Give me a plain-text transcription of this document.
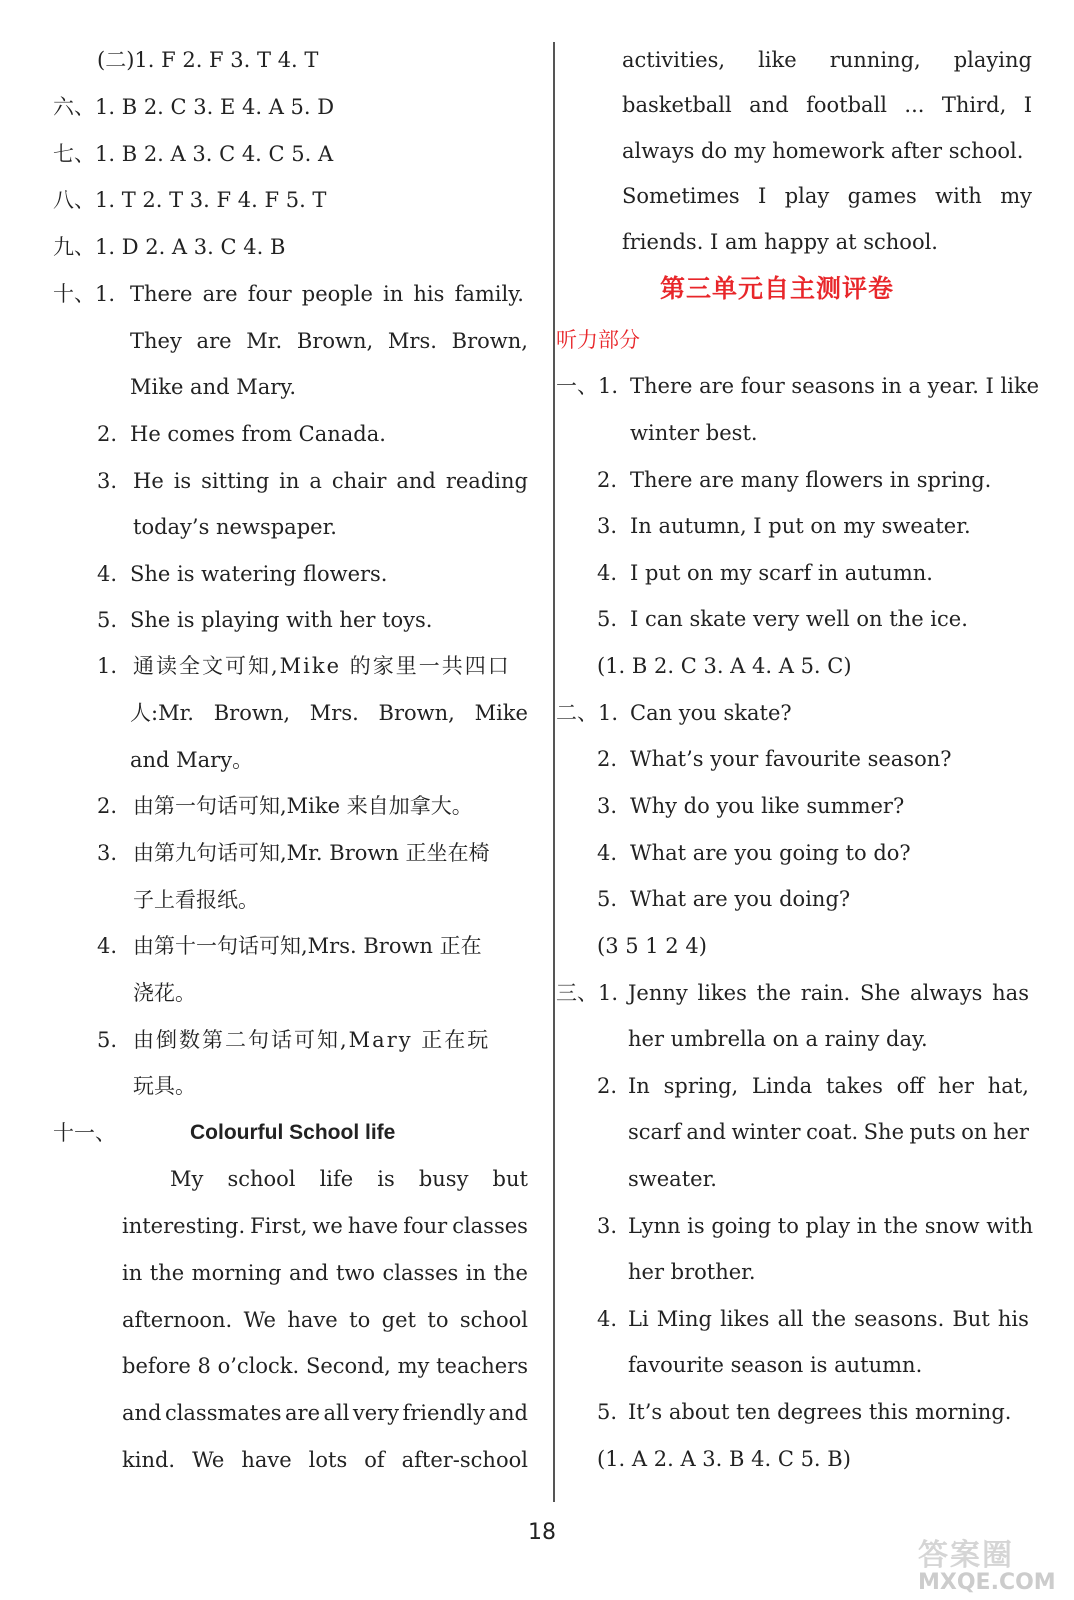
(二)1. F 2. F 3. T 4. T
六、1. B 2. C 3. E 4. A 5. D
七、1. B 2. A 3. C 4. C 5. A
八、1. T 2. T 3. F 4. F 5. T
九、1. D 2. A 3. C 4. B
十、1. There are four people in his family.
They are Mr. Brown, Mrs. Brown,
Mike and Mary.
2. He comes from Canada.
3. He is sitting in a chair and reading
today’s newspaper.
4. She is watering flowers.
5. She is playing with her toys.
1. 通读全文可知,Mike 的家里一共四口
人:Mr. Brown, Mrs. Brown, Mike
and Mary。
2. 由第一句话可知,Mike 来自加拿大。
3. 由第九句话可知,Mr. Brown 正坐在椅
子上看报纸。
4. 由第十一句话可知,Mrs. Brown 正在
浇花。
5. 由倒数第二句话可知,Mary 正在玩
玩具。
十一、	Colourful School life
My school life is busy but
interesting. First, we have four classes
in the morning and two classes in the
afternoon. We have to get to school
before 8 o’clock. Second, my teachers
and classmates are all very friendly and
kind. We have lots of after-school
activities, like running, playing
basketball and football ... Third, I
always do my homework after school.
Sometimes I play games with my
friends. I am happy at school.
第三单元自主测评卷
听力部分
一、1. There are four seasons in a year. I like
winter best.
2. There are many flowers in spring.
3. In autumn, I put on my sweater.
4. I put on my scarf in autumn.
5. I can skate very well on the ice.
(1. B 2. C 3. A 4. A 5. C)
二、1. Can you skate?
2. What’s your favourite season?
3. Why do you like summer?
4. What are you going to do?
5. What are you doing?
(3 5 1 2 4)
三、1. Jenny likes the rain. She always has
her umbrella on a rainy day.
2. In spring, Linda takes off her hat,
scarf and winter coat. She puts on her
sweater.
3. Lynn is going to play in the snow with
her brother.
4. Li Ming likes all the seasons. But his
favourite season is autumn.
5. It’s about ten degrees this morning.
(1. A 2. A 3. B 4. C 5. B)
18
答案圈
MXQE.COM
